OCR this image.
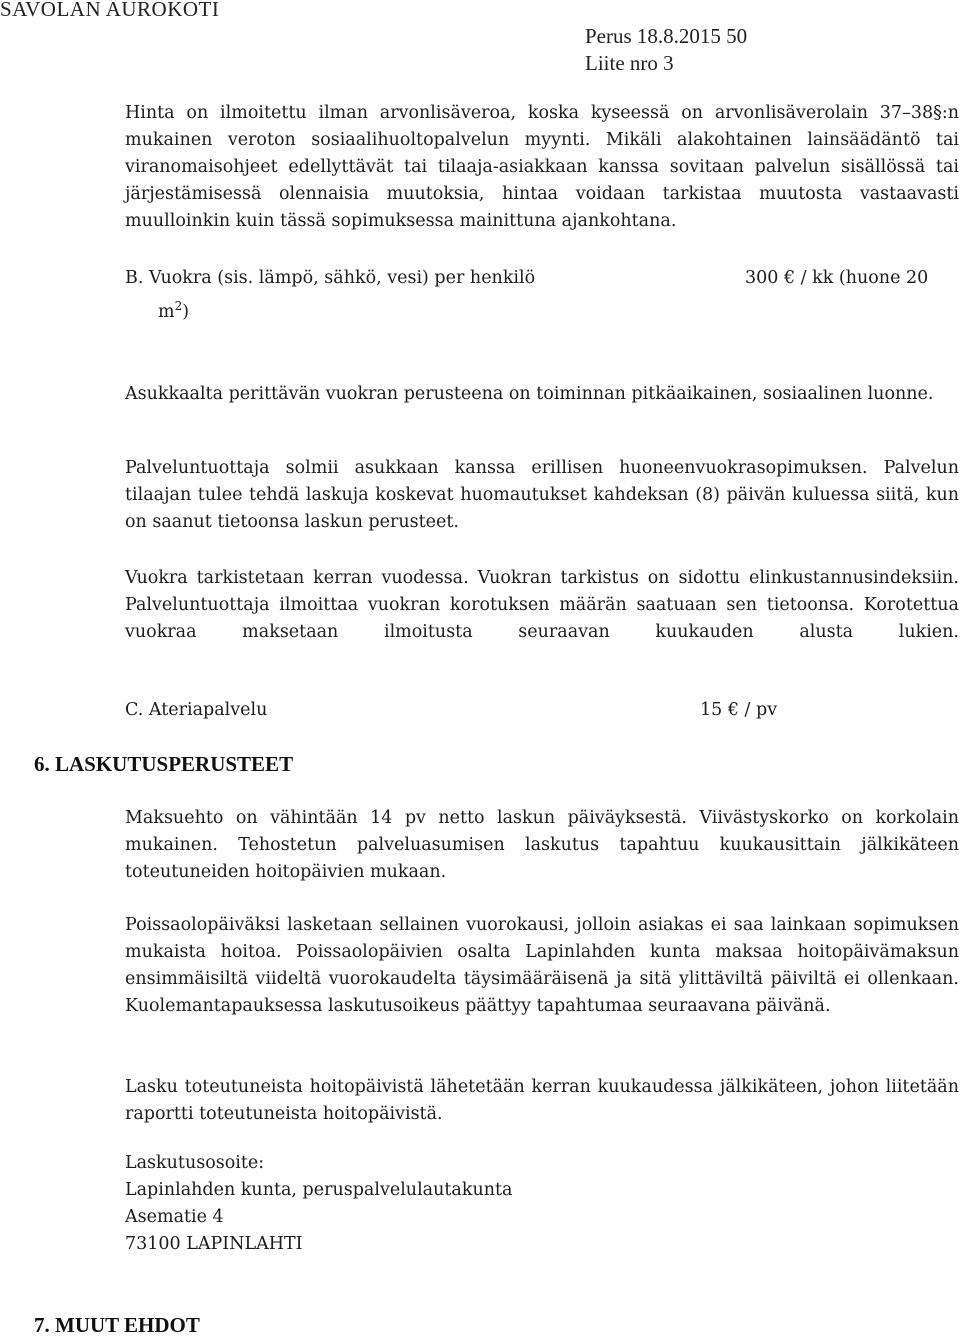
SAVOLAN AUROKOTI
Perus 18.8.2015 50
Liite nro 3
Hinta on ilmoitettu ilman arvonlisäveroa, koska kyseessä on arvonlisäverolain 37–38§:n mukainen veroton sosiaalihuoltopalvelun myynti. Mikäli alakohtainen lainsäädäntö tai viranomaisohjeet edellyttävät tai tilaaja-asiakkaan kanssa sovitaan palvelun sisällössä tai järjestämisessä olennaisia muutoksia, hintaa voidaan tarkistaa muutosta vastaavasti muulloinkin kuin tässä sopimuksessa mainittuna ajankohtana.
B. Vuokra (sis. lämpö, sähkö, vesi) per henkilö	300 € / kk (huone 20
$m^2$)
Asukkaalta perittävän vuokran perusteena on toiminnan pitkäaikainen, sosiaalinen luonne.
Palveluntuottaja solmii asukkaan kanssa erillisen huoneenvuokrasopimuksen. Palvelun tilaajan tulee tehdä laskuja koskevat huomautukset kahdeksan (8) päivän kuluessa siitä, kun on saanut tietoonsa laskun perusteet.
Vuokra tarkistetaan kerran vuodessa. Vuokran tarkistus on sidottu elinkustannusindeksiin. Palveluntuottaja ilmoittaa vuokran korotuksen määrän saatuaan sen tietoonsa. Korotettua vuokraa maksetaan ilmoitusta seuraavan kuukauden alusta lukien.
C. Ateriapalvelu	15 € / pv
6. LASKUTUSPERUSTEET
Maksuehto on vähintään 14 pv netto laskun päiväyksestä. Viivästyskorko on korkolain mukainen. Tehostetun palveluasumisen laskutus tapahtuu kuukausittain jälkikäteen toteutuneiden hoitopäivien mukaan.
Poissaolopäiväksi lasketaan sellainen vuorokausi, jolloin asiakas ei saa lainkaan sopimuksen mukaista hoitoa. Poissaolopäivien osalta Lapinlahden kunta maksaa hoitopäivämaksun ensimmäisiltä viideltä vuorokaudelta täysimääräisenä ja sitä ylittäviltä päiviltä ei ollenkaan. Kuolemantapauksessa laskutusoikeus päättyy tapahtumaa seuraavana päivänä.
Lasku toteutuneista hoitopäivistä lähetetään kerran kuukaudessa jälkikäteen, johon liitetään raportti toteutuneista hoitopäivistä.
Laskutusosoite:
Lapinlahden kunta, peruspalvelulautakunta
Asematie 4
73100 LAPINLAHTI
7. MUUT EHDOT
